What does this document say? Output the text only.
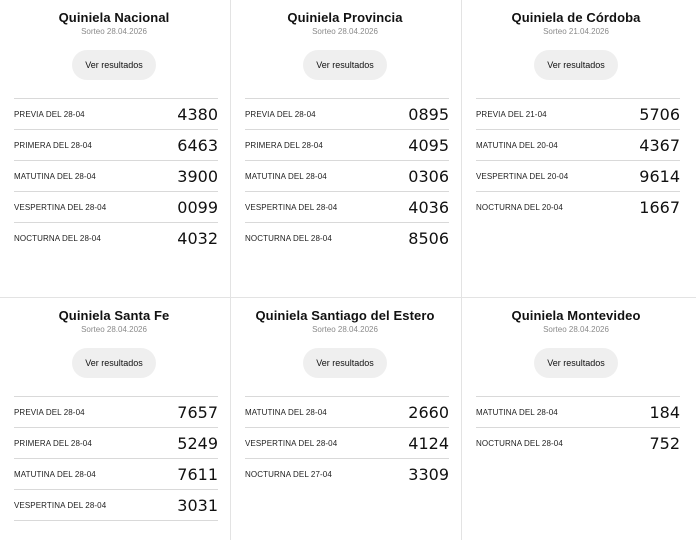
Quiniela Nacional
Sorteo 28.04.2026
Ver resultados
PREVIA DEL 28-04	4380
PRIMERA DEL 28-04	6463
MATUTINA DEL 28-04	3900
VESPERTINA DEL 28-04	0099
NOCTURNA DEL 28-04	4032
Quiniela Provincia
Sorteo 28.04.2026
Ver resultados
PREVIA DEL 28-04	0895
PRIMERA DEL 28-04	4095
MATUTINA DEL 28-04	0306
VESPERTINA DEL 28-04	4036
NOCTURNA DEL 28-04	8506
Quiniela de Córdoba
Sorteo 21.04.2026
Ver resultados
PREVIA DEL 21-04	5706
MATUTINA DEL 20-04	4367
VESPERTINA DEL 20-04	9614
NOCTURNA DEL 20-04	1667
Quiniela Santa Fe
Sorteo 28.04.2026
Ver resultados
PREVIA DEL 28-04	7657
PRIMERA DEL 28-04	5249
MATUTINA DEL 28-04	7611
VESPERTINA DEL 28-04	3031
Quiniela Santiago del Estero
Sorteo 28.04.2026
Ver resultados
MATUTINA DEL 28-04	2660
VESPERTINA DEL 28-04	4124
NOCTURNA DEL 27-04	3309
Quiniela Montevideo
Sorteo 28.04.2026
Ver resultados
MATUTINA DEL 28-04	184
NOCTURNA DEL 28-04	752
